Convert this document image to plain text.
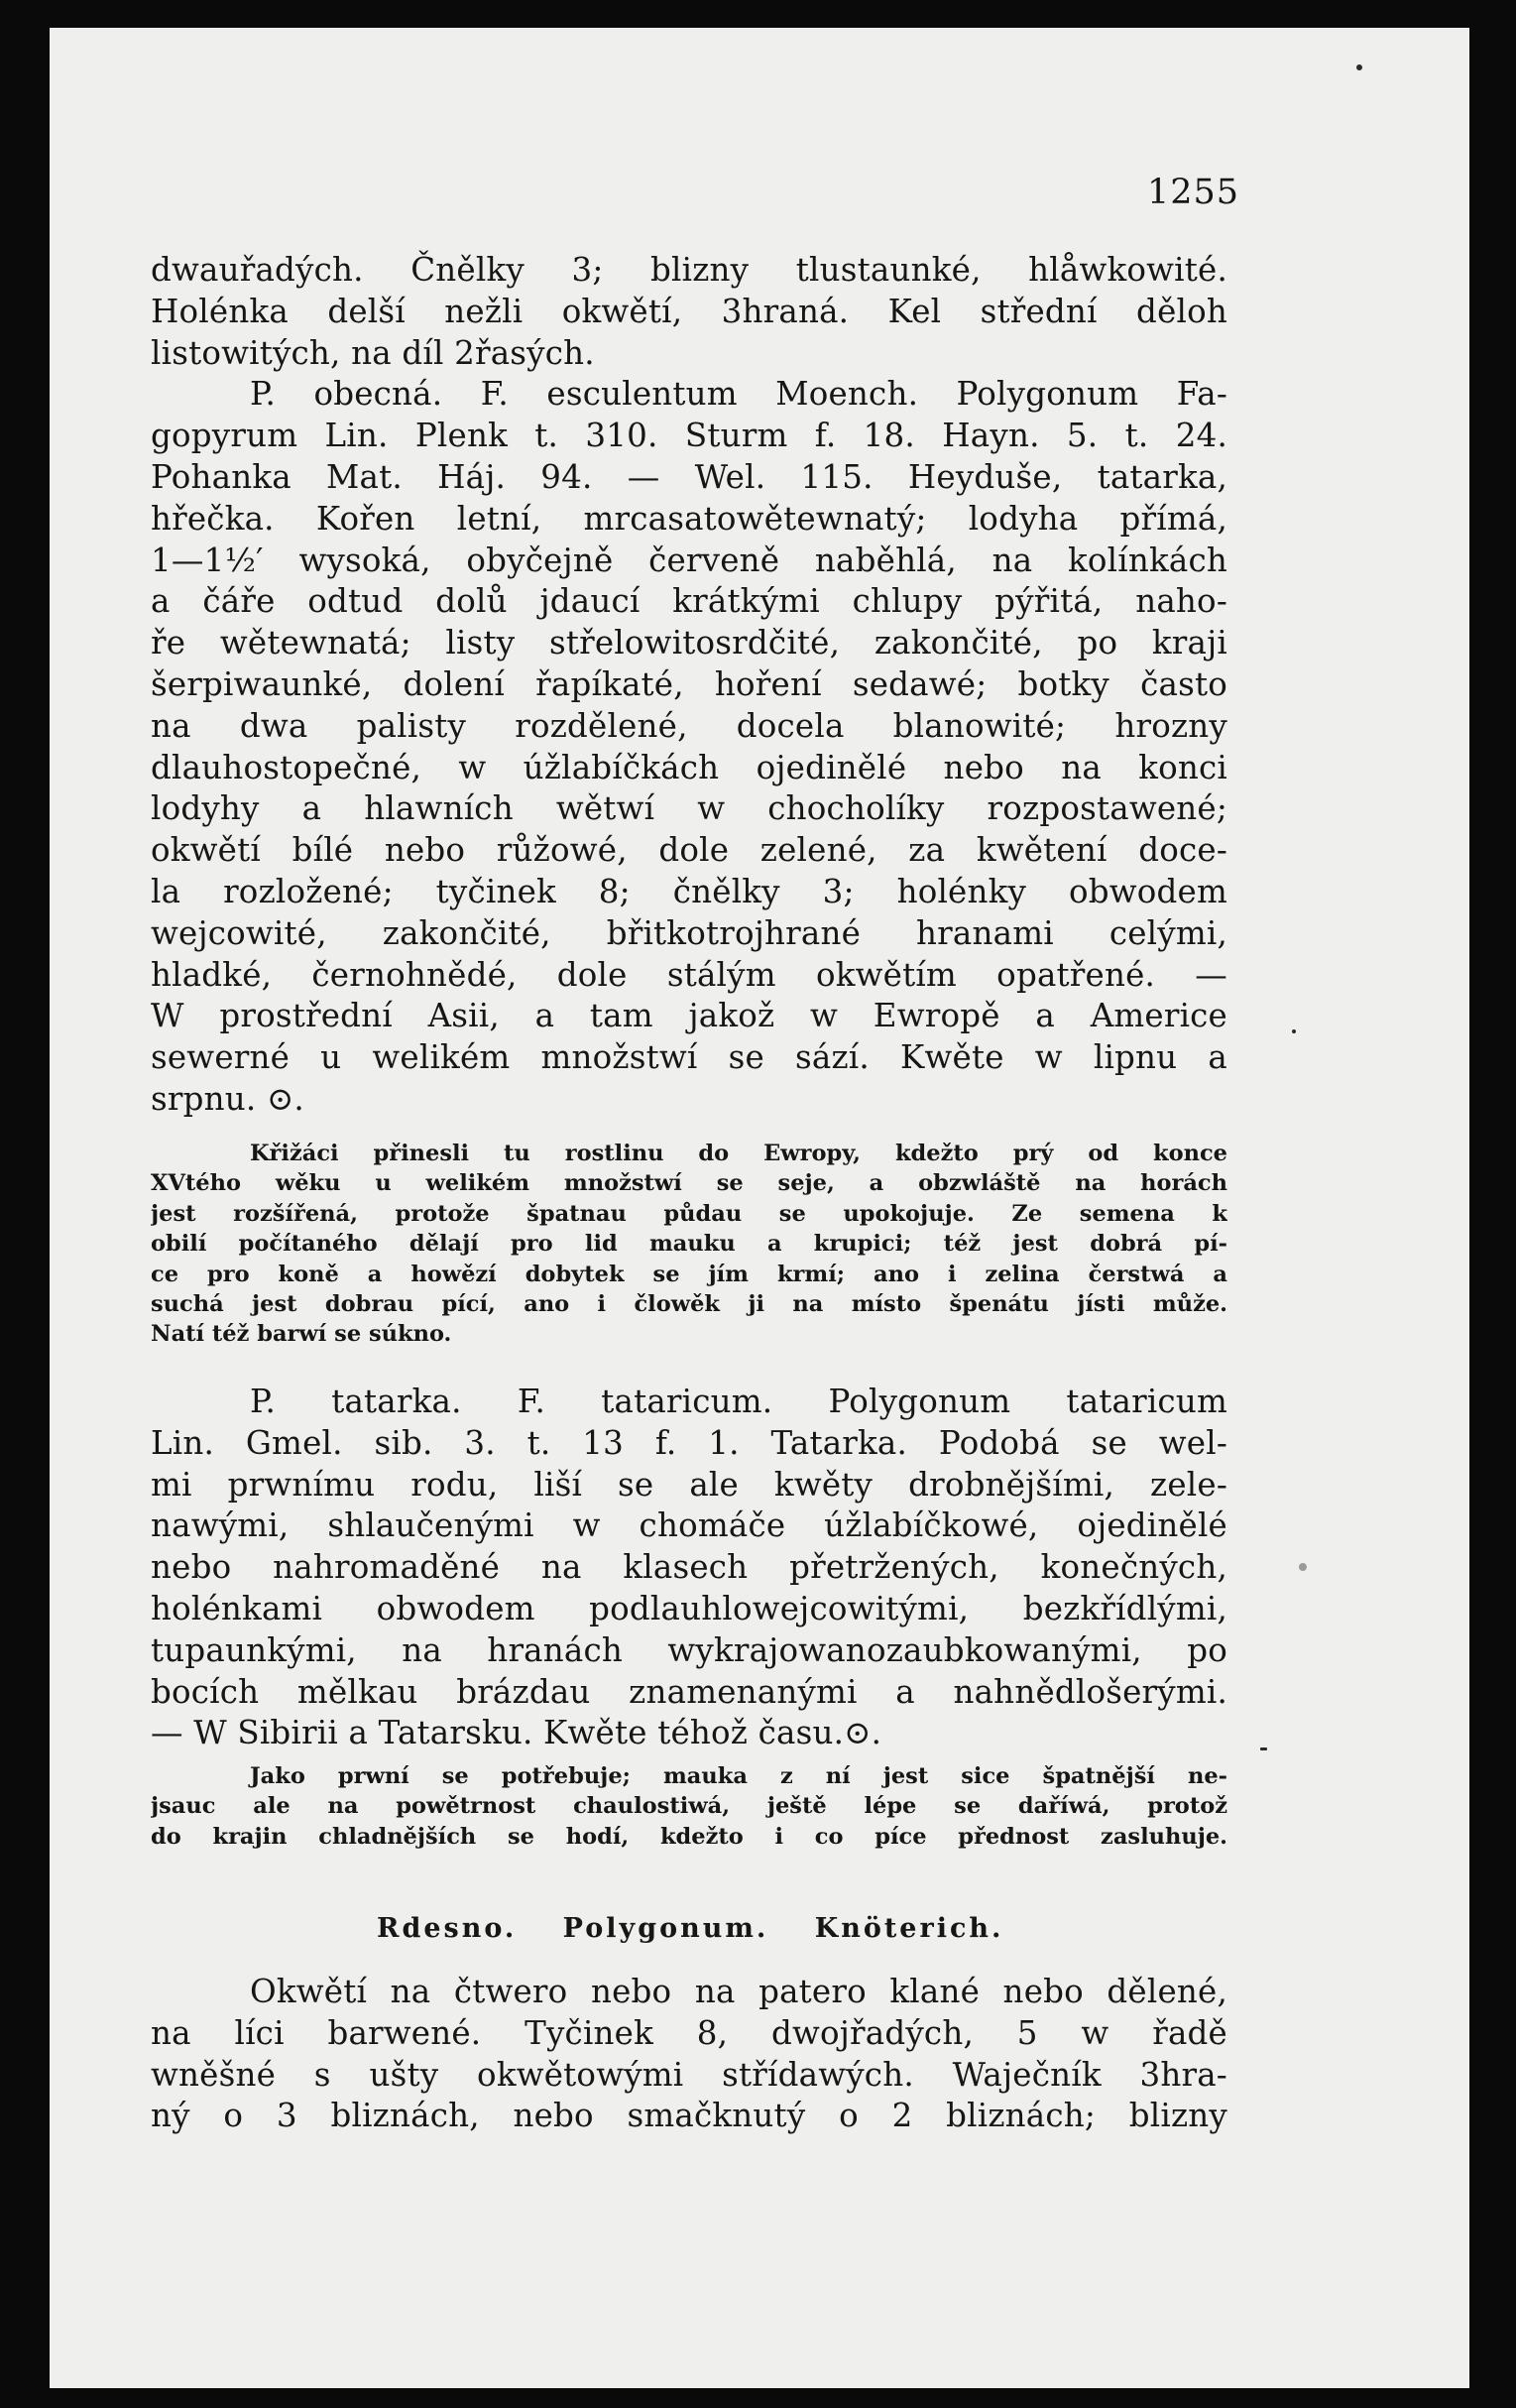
1255
dwauřadých. Čnělky 3; blizny tlustaunké, hlåwkowité.
Holénka delší nežli okwětí, 3hraná. Kel střední děloh
listowitých, na díl 2řasých.
P. obecná. F. esculentum Moench. Polygonum Fa-
gopyrum Lin. Plenk t. 310. Sturm f. 18. Hayn. 5. t. 24.
Pohanka Mat. Háj. 94. — Wel. 115. Heyduše, tatarka,
hřečka. Kořen letní, mrcasatowětewnatý; lodyha přímá,
1—1½′ wysoká, obyčejně červeně naběhlá, na kolínkách
a čáře odtud dolů jdaucí krátkými chlupy pýřitá, naho-
ře wětewnatá; listy střelowitosrdčité, zakončité, po kraji
šerpiwaunké, dolení řapíkaté, hoření sedawé; botky často
na dwa palisty rozdělené, docela blanowité; hrozny
dlauhostopečné, w úžlabíčkách ojedinělé nebo na konci
lodyhy a hlawních wětwí w chocholíky rozpostawené;
okwětí bílé nebo růžowé, dole zelené, za kwětení doce-
la rozložené; tyčinek 8; čnělky 3; holénky obwodem
wejcowité, zakončité, břitkotrojhrané hranami celými,
hladké, černohnědé, dole stálým okwětím opatřené. —
W prostřední Asii, a tam jakož w Ewropě a Americe
sewerné u welikém množstwí se sází. Kwěte w lipnu a
srpnu. ⊙.
Křižáci přinesli tu rostlinu do Ewropy, kdežto prý od konce
XVtého wěku u welikém množstwí se seje, a obzwláště na horách
jest rozšířená, protože špatnau půdau se upokojuje. Ze semena k
obilí počítaného dělají pro lid mauku a krupici; též jest dobrá pí-
ce pro koně a howězí dobytek se jím krmí; ano i zelina čerstwá a
suchá jest dobrau pící, ano i člowěk ji na místo špenátu jísti může.
Natí též barwí se súkno.
P. tatarka. F. tataricum. Polygonum tataricum
Lin. Gmel. sib. 3. t. 13 f. 1. Tatarka. Podobá se wel-
mi prwnímu rodu, liší se ale kwěty drobnějšími, zele-
nawými, shlaučenými w chomáče úžlabíčkowé, ojedinělé
nebo nahromaděné na klasech přetržených, konečných,
holénkami obwodem podlauhlowejcowitými, bezkřídlými,
tupaunkými, na hranách wykrajowanozaubkowanými, po
bocích mělkau brázdau znamenanými a nahnědlošerými.
— W Sibirii a Tatarsku. Kwěte téhož času.⊙.
Jako prwní se potřebuje; mauka z ní jest sice špatnější ne-
jsauc ale na powětrnost chaulostiwá, ještě lépe se daříwá, protož
do krajin chladnějších se hodí, kdežto i co píce přednost zasluhuje.
Rdesno. Polygonum. Knöterich.
Okwětí na čtwero nebo na patero klané nebo dělené,
na líci barwené. Tyčinek 8, dwojřadých, 5 w řadě
wněšné s ušty okwětowými střídawých. Waječník 3hra-
ný o 3 bliznách, nebo smačknutý o 2 bliznách; blizny
